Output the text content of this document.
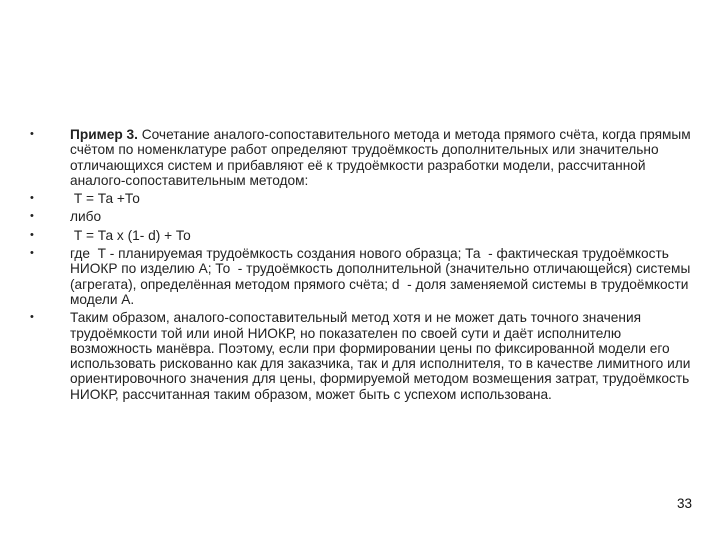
•	Пример 3. Сочетание аналого-сопоставительного метода и метода прямого счёта, когда прямым счётом по номенклатуре работ определяют трудоёмкость дополнительных или значительно отличающихся систем и прибавляют её к трудоёмкости разработки модели, рассчитанной аналого-сопоставительным методом:
•	Т = Та +То
•	либо
•	Т = Та x (1- d) + То
•	где  Т - планируемая трудоёмкость создания нового образца; Та  - фактическая трудоёмкость НИОКР по изделию А; То  - трудоёмкость дополнительной (значительно отличающейся) системы (агрегата), определённая методом прямого счёта; d  - доля заменяемой системы в трудоёмкости модели А.
•	Таким образом, аналого-сопоставительный метод хотя и не может дать точного значения трудоёмкости той или иной НИОКР, но показателен по своей сути и даёт исполнителю возможность манёвра. Поэтому, если при формировании цены по фиксированной модели его использовать рискованно как для заказчика, так и для исполнителя, то в качестве лимитного или ориентировочного значения для цены, формируемой методом возмещения затрат, трудоёмкость НИОКР, рассчитанная таким образом, может быть с успехом использована.
33
